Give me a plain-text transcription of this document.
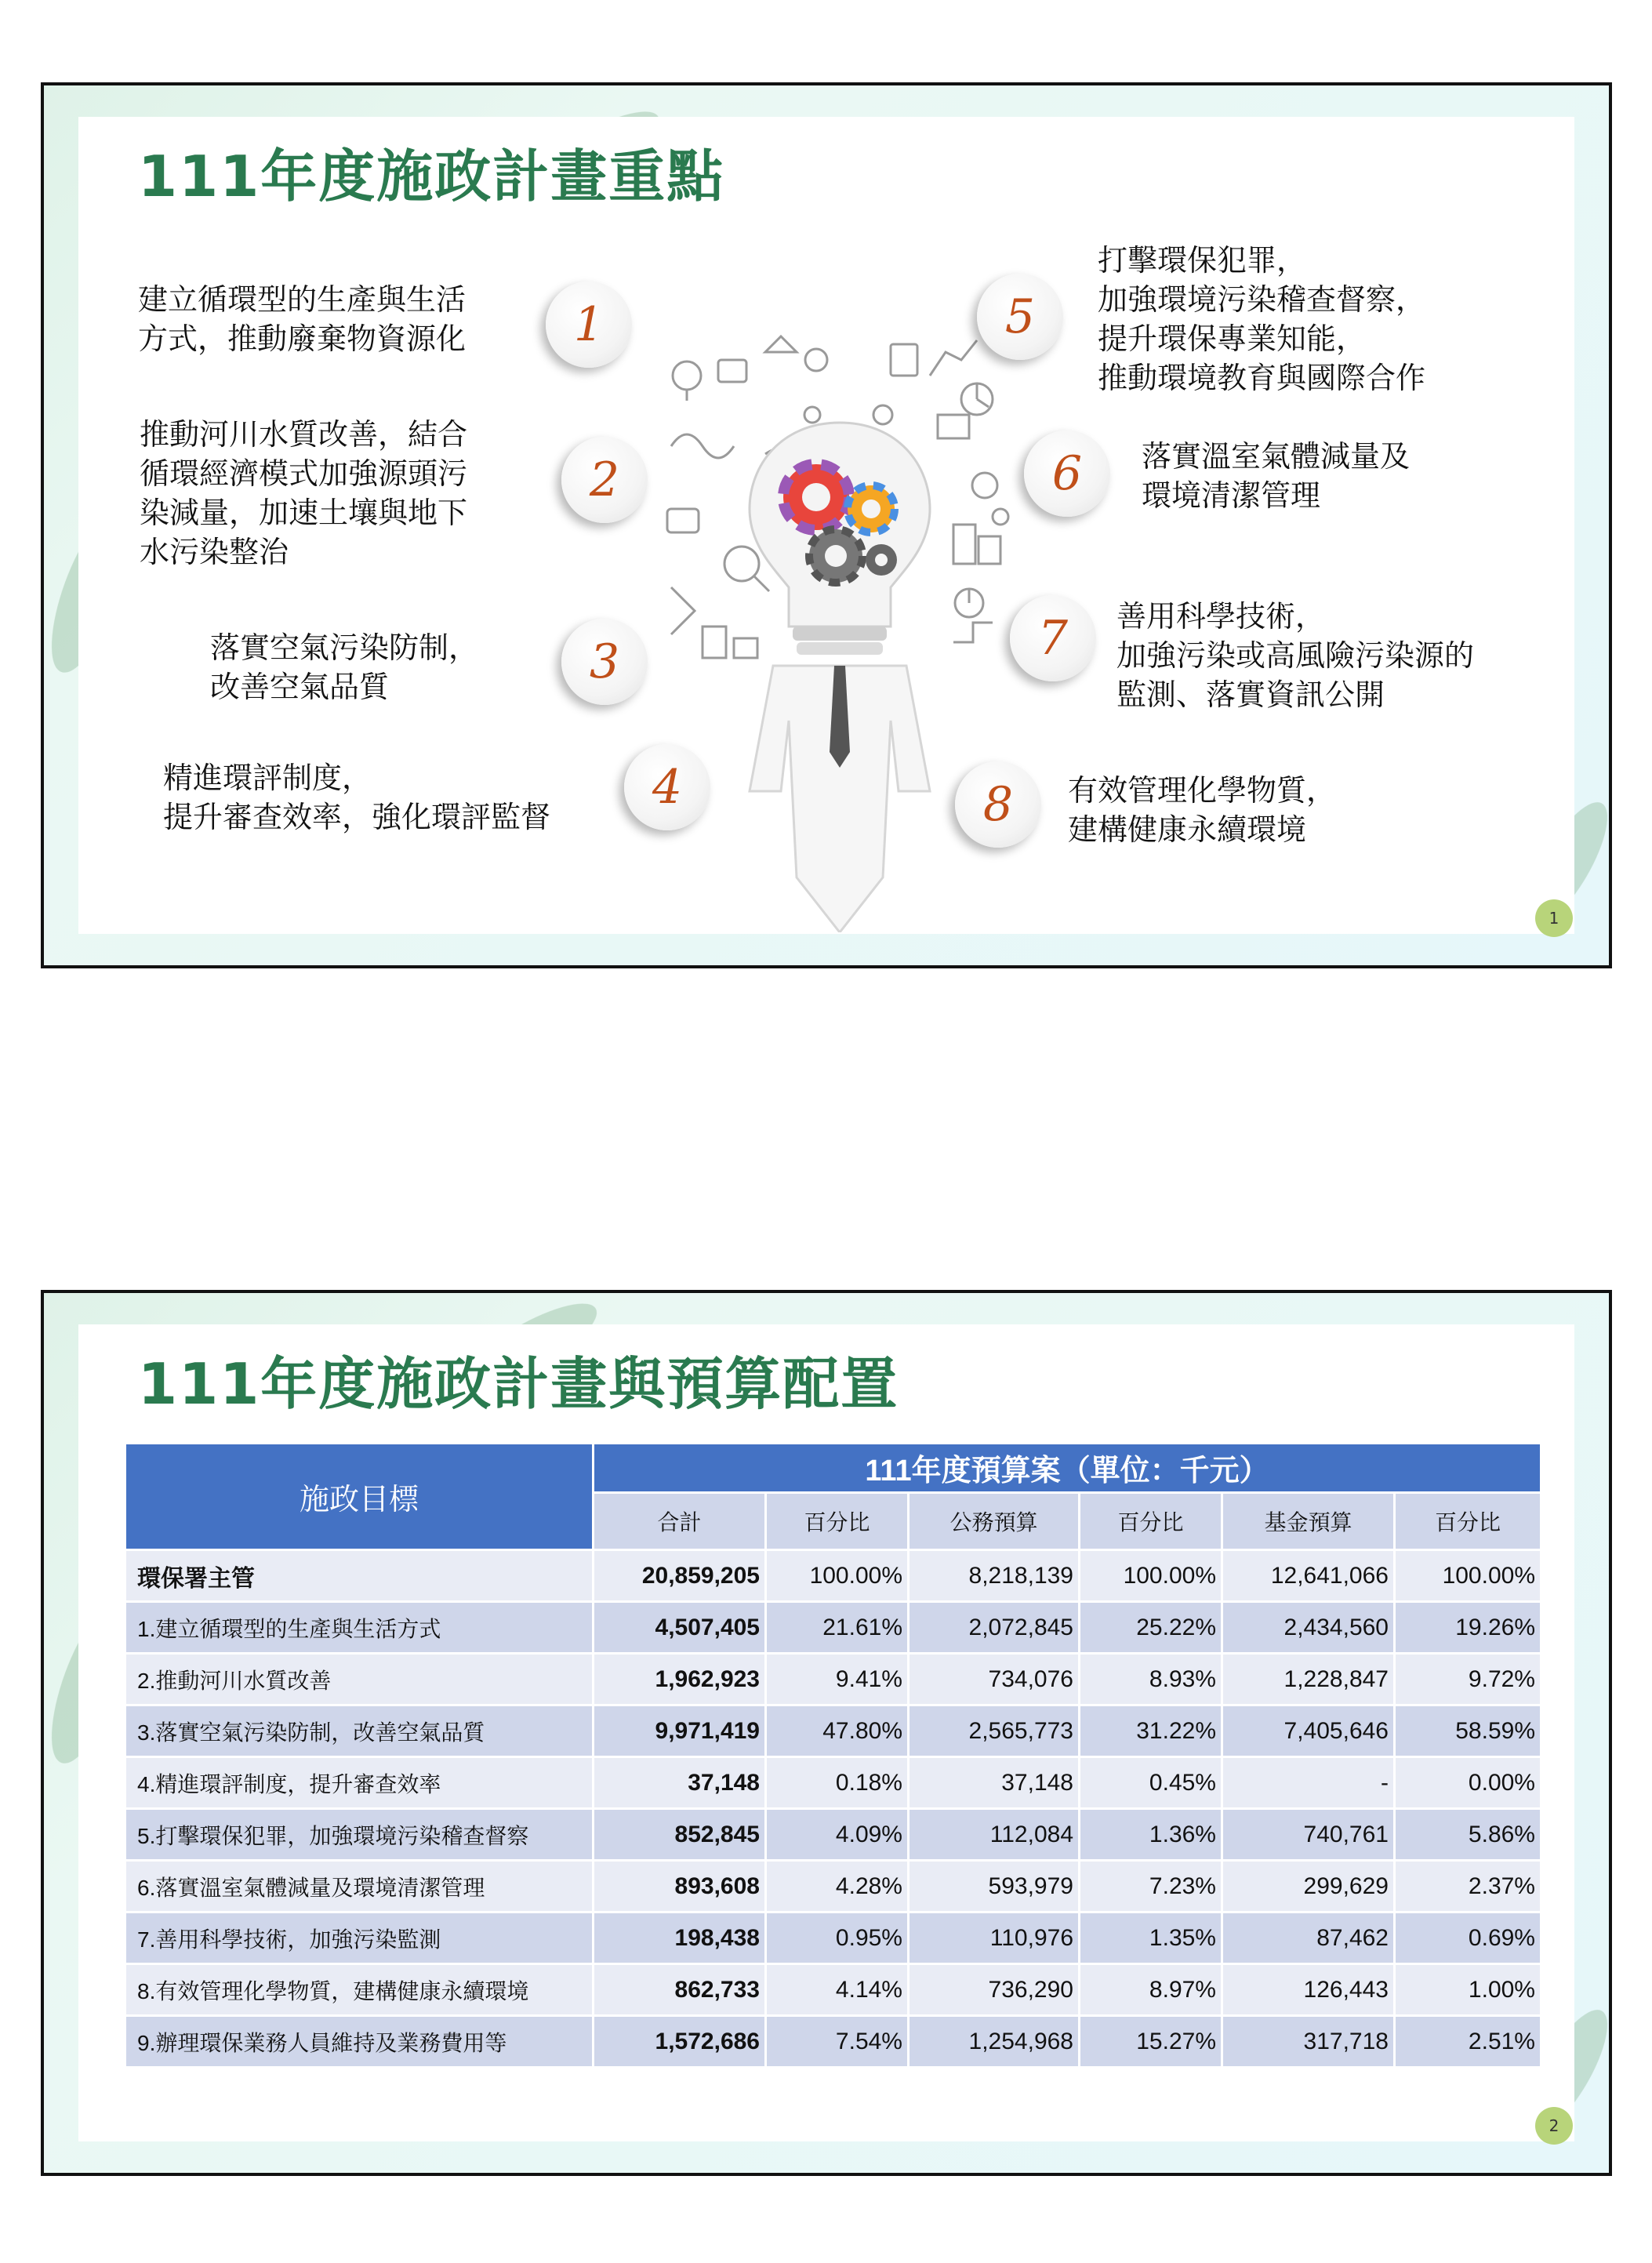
111年度施政計畫重點
建立循環型的生產與生活
方式，推動廢棄物資源化	1
推動河川水質改善，結合
循環經濟模式加強源頭污
染減量，加速土壤與地下
水污染整治
2
落實空氣污染防制，
改善空氣品質	3
精進環評制度，
提升審查效率，強化環評監督
4
打擊環保犯罪，
加強環境污染稽查督察，
提升環保專業知能，
推動環境教育與國際合作
5
落實溫室氣體減量及
環境清潔管理
6
善用科學技術，
加強污染或高風險污染源的
監測、落實資訊公開
7
有效管理化學物質，
建構健康永續環境
8
1
111年度施政計畫與預算配置
施政目標	111年度預算案（單位：千元）					
	合計	百分比	公務預算	百分比	基金預算	百分比
環保署主管	20,859,205	100.00%	8,218,139	100.00%	12,641,066	100.00%
1.建立循環型的生產與生活方式	4,507,405	21.61%	2,072,845	25.22%	2,434,560	19.26%
2.推動河川水質改善	1,962,923	9.41%	734,076	8.93%	1,228,847	9.72%
3.落實空氣污染防制，改善空氣品質	9,971,419	47.80%	2,565,773	31.22%	7,405,646	58.59%
4.精進環評制度，提升審查效率	37,148	0.18%	37,148	0.45%	-	0.00%
5.打擊環保犯罪，加強環境污染稽查督察	852,845	4.09%	112,084	1.36%	740,761	5.86%
6.落實溫室氣體減量及環境清潔管理	893,608	4.28%	593,979	7.23%	299,629	2.37%
7.善用科學技術，加強污染監測	198,438	0.95%	110,976	1.35%	87,462	0.69%
8.有效管理化學物質，建構健康永續環境	862,733	4.14%	736,290	8.97%	126,443	1.00%
9.辦理環保業務人員維持及業務費用等	1,572,686	7.54%	1,254,968	15.27%	317,718	2.51%
2
